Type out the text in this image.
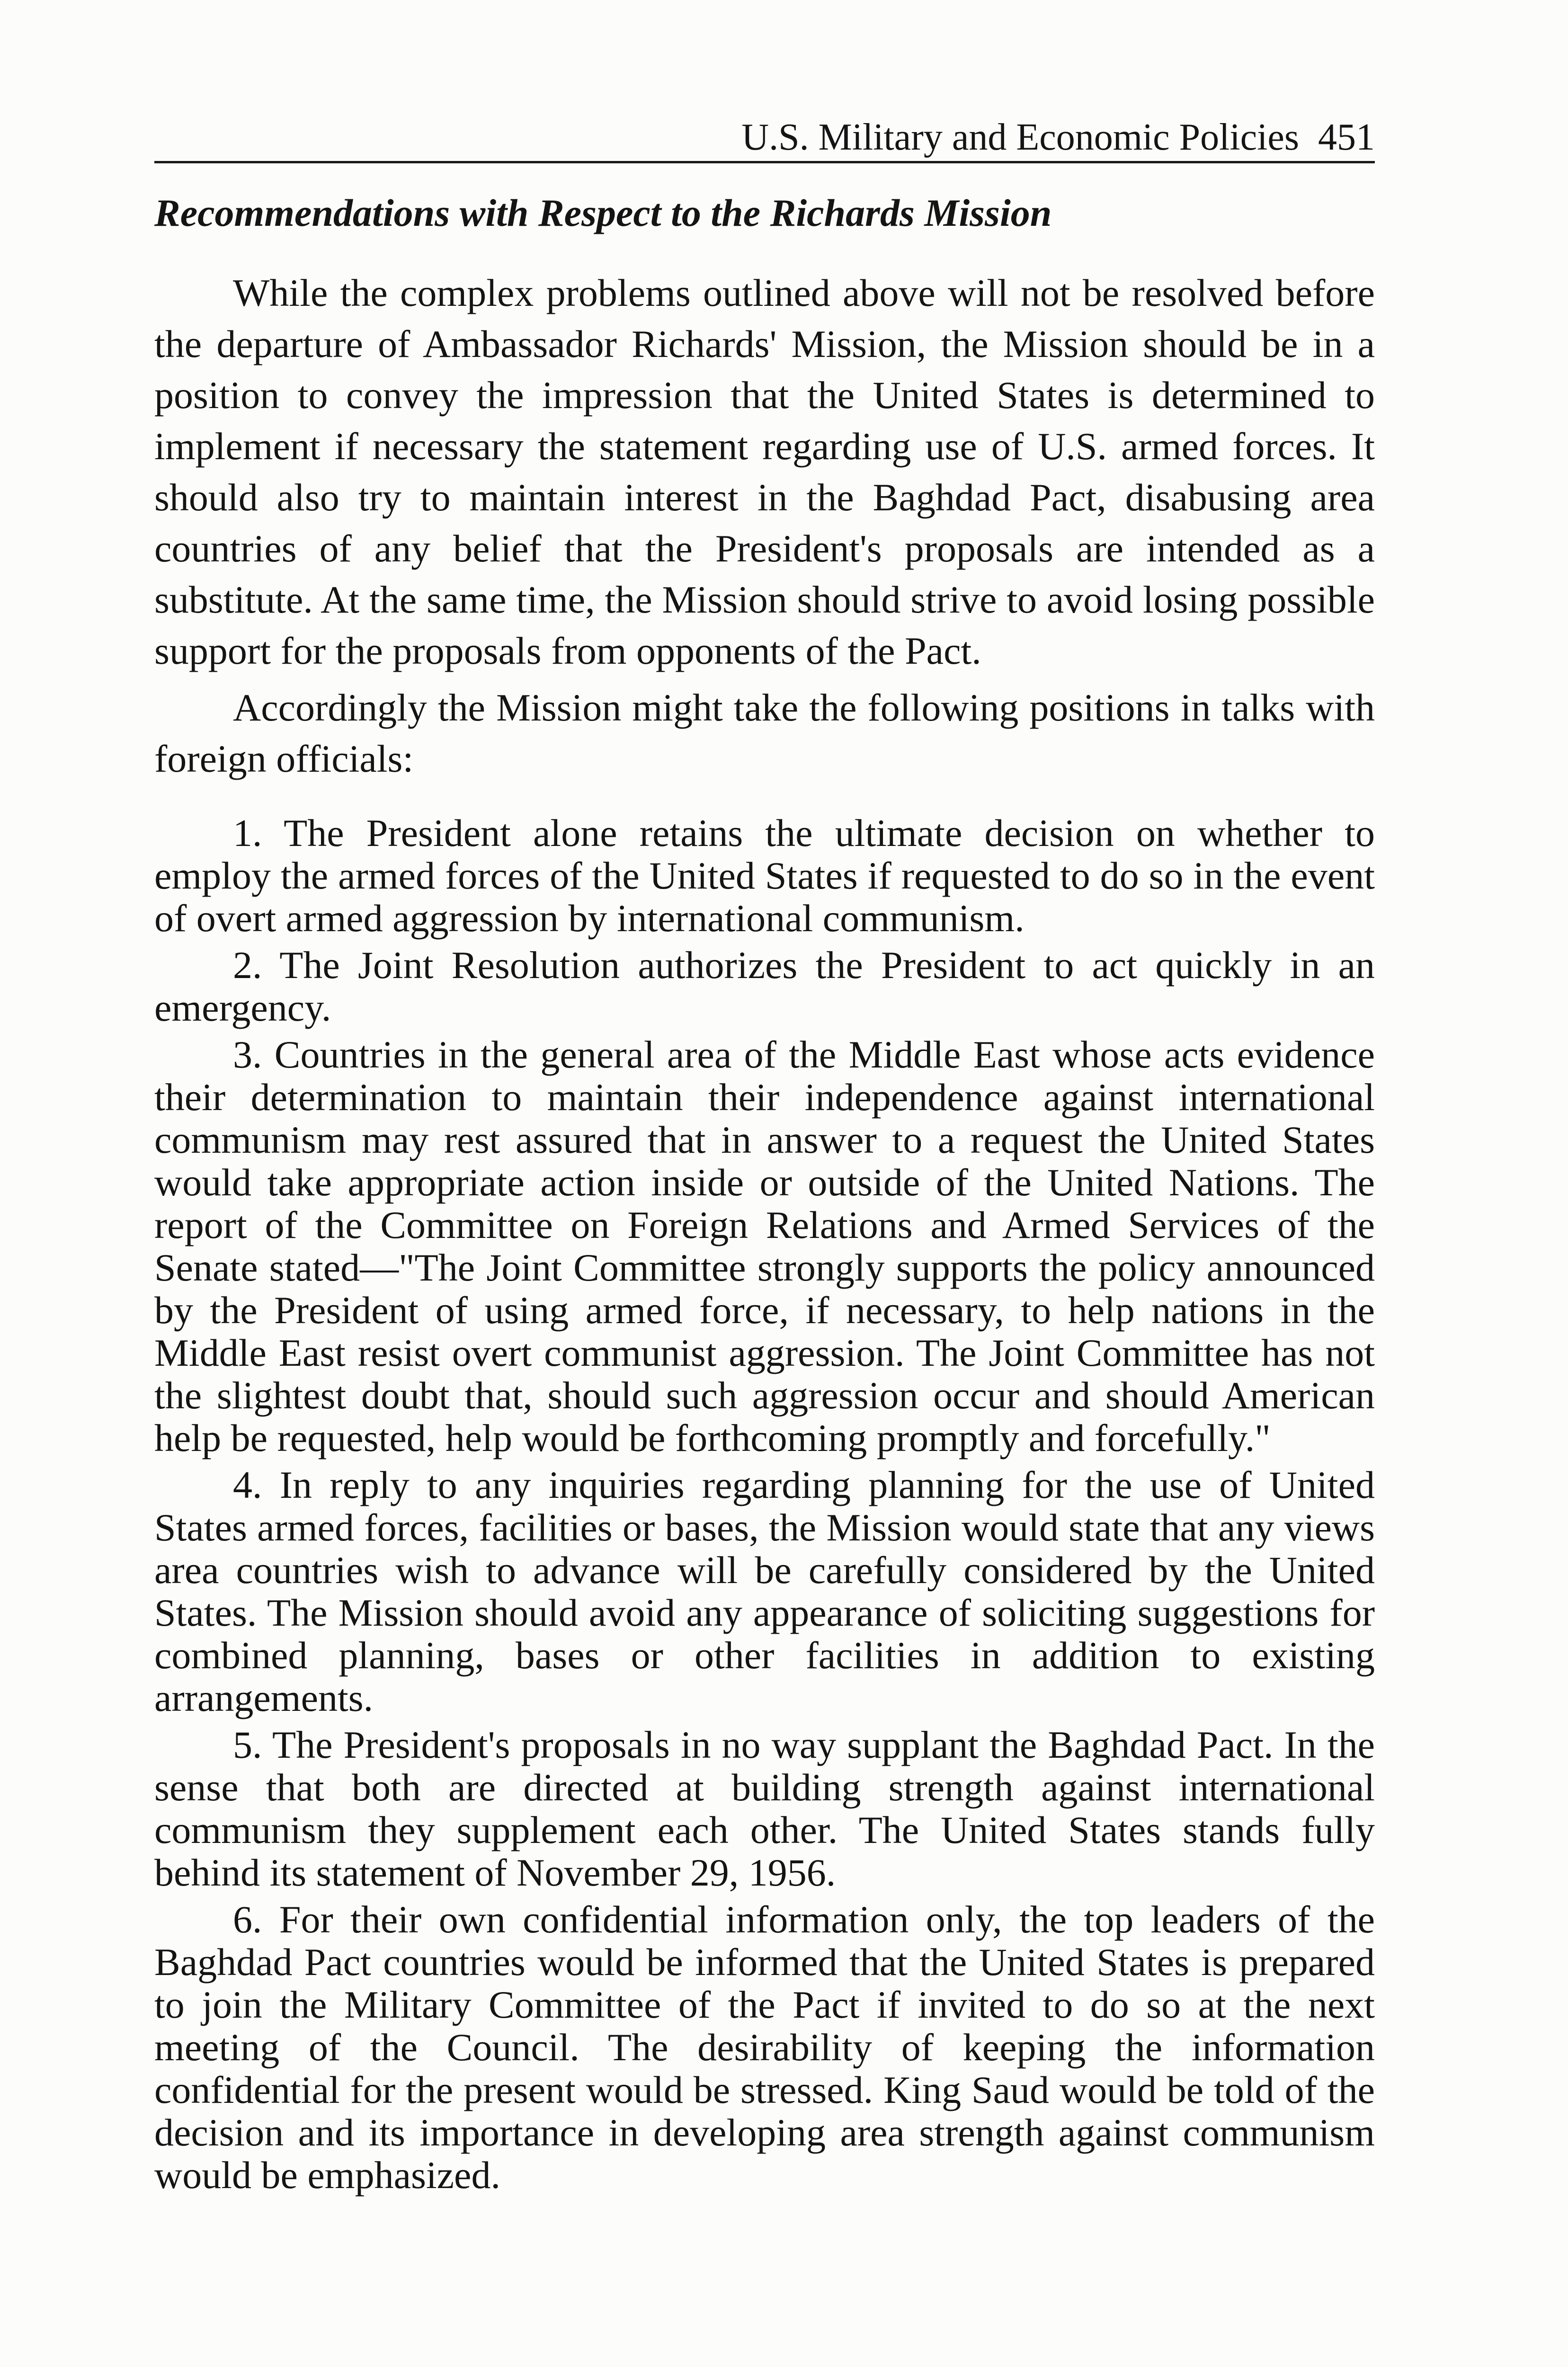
U.S. Military and Economic Policies 451
Recommendations with Respect to the Richards Mission

While the complex problems outlined above will not be resolved before the departure of Ambassador Richards' Mission, the Mission should be in a position to convey the impression that the United States is determined to implement if necessary the statement regarding use of U.S. armed forces. It should also try to maintain interest in the Baghdad Pact, disabusing area countries of any belief that the President's proposals are intended as a substitute. At the same time, the Mission should strive to avoid losing possible support for the proposals from opponents of the Pact.

Accordingly the Mission might take the following positions in talks with foreign officials:

1. The President alone retains the ultimate decision on whether to employ the armed forces of the United States if requested to do so in the event of overt armed aggression by international communism.

2. The Joint Resolution authorizes the President to act quickly in an emergency.

3. Countries in the general area of the Middle East whose acts evidence their determination to maintain their independence against international communism may rest assured that in answer to a request the United States would take appropriate action inside or outside of the United Nations. The report of the Committee on Foreign Relations and Armed Services of the Senate stated—"The Joint Committee strongly supports the policy announced by the President of using armed force, if necessary, to help nations in the Middle East resist overt communist aggression. The Joint Committee has not the slightest doubt that, should such aggression occur and should American help be requested, help would be forthcoming promptly and forcefully."

4. In reply to any inquiries regarding planning for the use of United States armed forces, facilities or bases, the Mission would state that any views area countries wish to advance will be carefully considered by the United States. The Mission should avoid any appearance of soliciting suggestions for combined planning, bases or other facilities in addition to existing arrangements.

5. The President's proposals in no way supplant the Baghdad Pact. In the sense that both are directed at building strength against international communism they supplement each other. The United States stands fully behind its statement of November 29, 1956.

6. For their own confidential information only, the top leaders of the Baghdad Pact countries would be informed that the United States is prepared to join the Military Committee of the Pact if invited to do so at the next meeting of the Council. The desirability of keeping the information confidential for the present would be stressed. King Saud would be told of the decision and its importance in developing area strength against communism would be emphasized.
